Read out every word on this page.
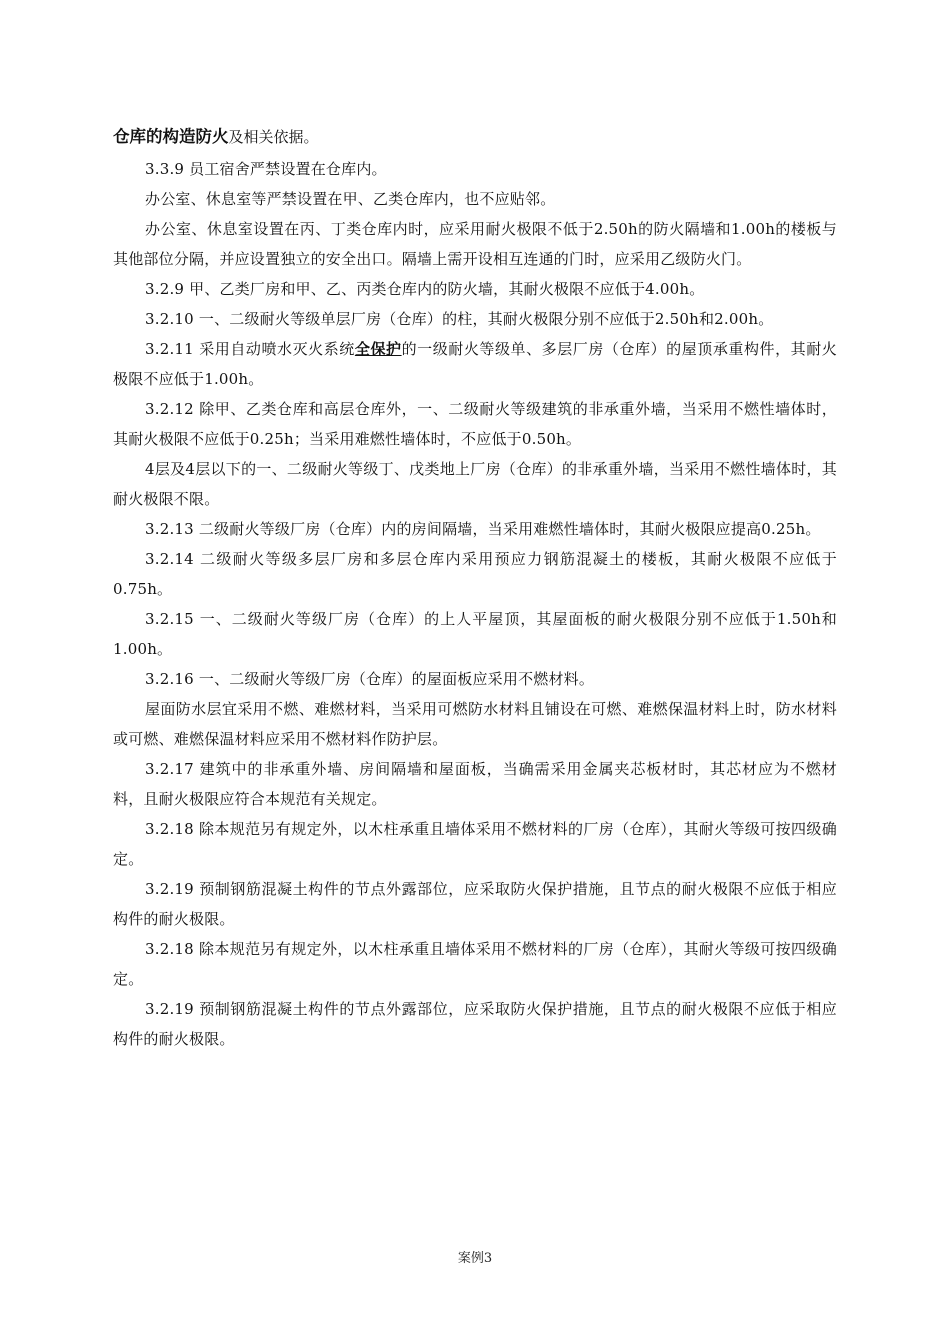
仓库的构造防火及相关依据。

3.3.9 员工宿舍严禁设置在仓库内。

办公室、休息室等严禁设置在甲、乙类仓库内，也不应贴邻。

办公室、休息室设置在丙、丁类仓库内时，应采用耐火极限不低于2.50h的防火隔墙和1.00h的楼板与其他部位分隔，并应设置独立的安全出口。隔墙上需开设相互连通的门时，应采用乙级防火门。

3.2.9 甲、乙类厂房和甲、乙、丙类仓库内的防火墙，其耐火极限不应低于4.00h。

3.2.10 一、二级耐火等级单层厂房（仓库）的柱，其耐火极限分别不应低于2.50h和2.00h。

3.2.11 采用自动喷水灭火系统全保护的一级耐火等级单、多层厂房（仓库）的屋顶承重构件，其耐火极限不应低于1.00h。

3.2.12 除甲、乙类仓库和高层仓库外，一、二级耐火等级建筑的非承重外墙，当采用不燃性墙体时，其耐火极限不应低于0.25h；当采用难燃性墙体时，不应低于0.50h。

4层及4层以下的一、二级耐火等级丁、戊类地上厂房（仓库）的非承重外墙，当采用不燃性墙体时，其耐火极限不限。

3.2.13 二级耐火等级厂房（仓库）内的房间隔墙，当采用难燃性墙体时，其耐火极限应提高0.25h。

3.2.14 二级耐火等级多层厂房和多层仓库内采用预应力钢筋混凝土的楼板，其耐火极限不应低于0.75h。

3.2.15 一、二级耐火等级厂房（仓库）的上人平屋顶，其屋面板的耐火极限分别不应低于1.50h和1.00h。

3.2.16 一、二级耐火等级厂房（仓库）的屋面板应采用不燃材料。

屋面防水层宜采用不燃、难燃材料，当采用可燃防水材料且铺设在可燃、难燃保温材料上时，防水材料或可燃、难燃保温材料应采用不燃材料作防护层。

3.2.17 建筑中的非承重外墙、房间隔墙和屋面板，当确需采用金属夹芯板材时，其芯材应为不燃材料，且耐火极限应符合本规范有关规定。

3.2.18 除本规范另有规定外，以木柱承重且墙体采用不燃材料的厂房（仓库），其耐火等级可按四级确定。

3.2.19 预制钢筋混凝土构件的节点外露部位，应采取防火保护措施，且节点的耐火极限不应低于相应构件的耐火极限。

3.2.18 除本规范另有规定外，以木柱承重且墙体采用不燃材料的厂房（仓库），其耐火等级可按四级确定。

3.2.19 预制钢筋混凝土构件的节点外露部位，应采取防火保护措施，且节点的耐火极限不应低于相应构件的耐火极限。

案例3
